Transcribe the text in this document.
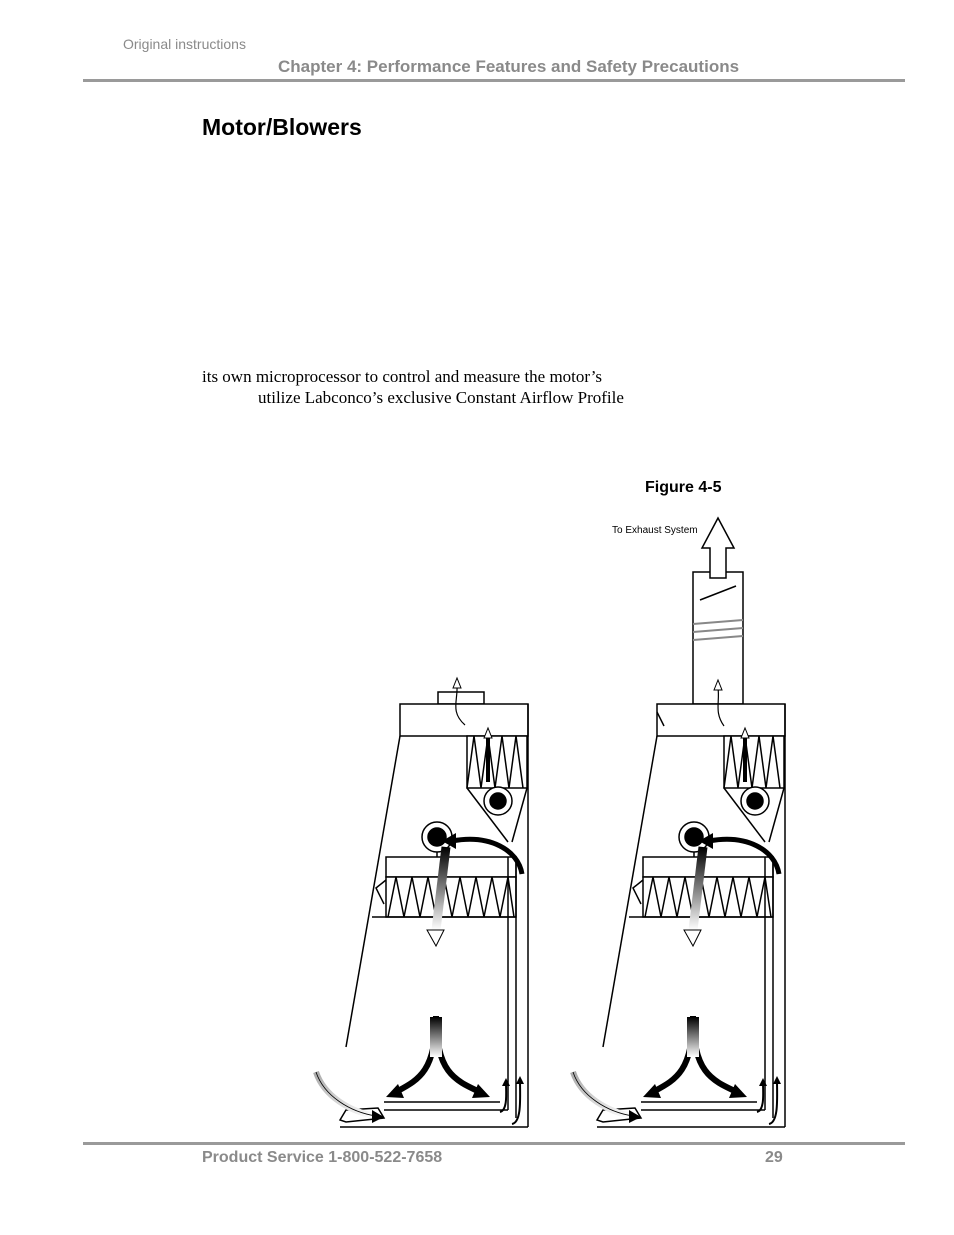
Original instructions
Chapter 4: Performance Features and Safety Precautions
Motor/Blowers
its own microprocessor to control and measure the motor’s
utilize Labconco’s exclusive Constant Airflow Profile
Figure 4-5
To Exhaust System
Product Service 1-800-522-7658	29
